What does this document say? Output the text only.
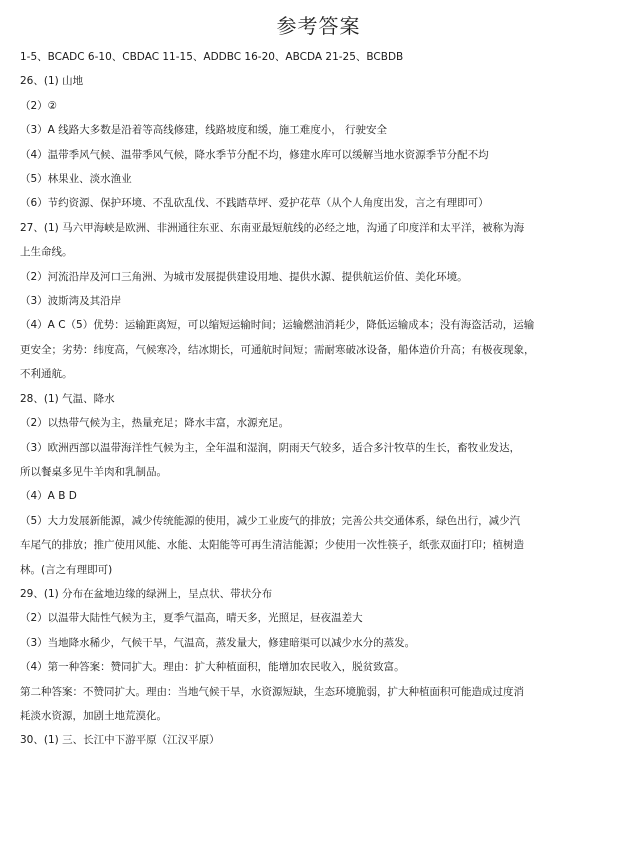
参考答案
1-5、BCADC 6-10、CBDAC 11-15、ADDBC 16-20、ABCDA 21-25、BCBDB
26、(1) 山地
（2）②
（3）A 线路大多数是沿着等高线修建，线路坡度和缓，施工难度小， 行驶安全
（4）温带季风气候、温带季风气候，降水季节分配不均，修建水库可以缓解当地水资源季节分配不均
（5）林果业、淡水渔业
（6）节约资源、保护环境、不乱砍乱伐、不践踏草坪、爱护花草（从个人角度出发，言之有理即可）
27、(1) 马六甲海峡是欧洲、非洲通往东亚、东南亚最短航线的必经之地，沟通了印度洋和太平洋，被称为海
上生命线。
（2）河流沿岸及河口三角洲、为城市发展提供建设用地、提供水源、提供航运价值、美化环境。
（3）波斯湾及其沿岸
（4）A C（5）优势：运输距离短，可以缩短运输时间；运输燃油消耗少，降低运输成本；没有海盗活动，运输
更安全；劣势：纬度高，气候寒冷，结冰期长，可通航时间短；需耐寒破冰设备，船体造价升高；有极夜现象，
不利通航。
28、(1) 气温、降水
（2）以热带气候为主，热量充足；降水丰富，水源充足。
（3）欧洲西部以温带海洋性气候为主，全年温和湿润，阴雨天气较多，适合多汁牧草的生长，畜牧业发达，
所以餐桌多见牛羊肉和乳制品。
（4）A B D
（5）大力发展新能源，减少传统能源的使用，减少工业废气的排放；完善公共交通体系，绿色出行，减少汽
车尾气的排放；推广使用风能、水能、太阳能等可再生清洁能源；少使用一次性筷子，纸张双面打印；植树造
林。(言之有理即可)
29、(1) 分布在盆地边缘的绿洲上，呈点状、带状分布
（2）以温带大陆性气候为主，夏季气温高，晴天多，光照足，昼夜温差大
（3）当地降水稀少，气候干旱，气温高，蒸发量大，修建暗渠可以减少水分的蒸发。
（4）第一种答案：赞同扩大。理由：扩大种植面积，能增加农民收入，脱贫致富。
第二种答案：不赞同扩大。理由：当地气候干旱，水资源短缺，生态环境脆弱，扩大种植面积可能造成过度消
耗淡水资源，加剧土地荒漠化。
30、(1) 三、长江中下游平原（江汉平原）
